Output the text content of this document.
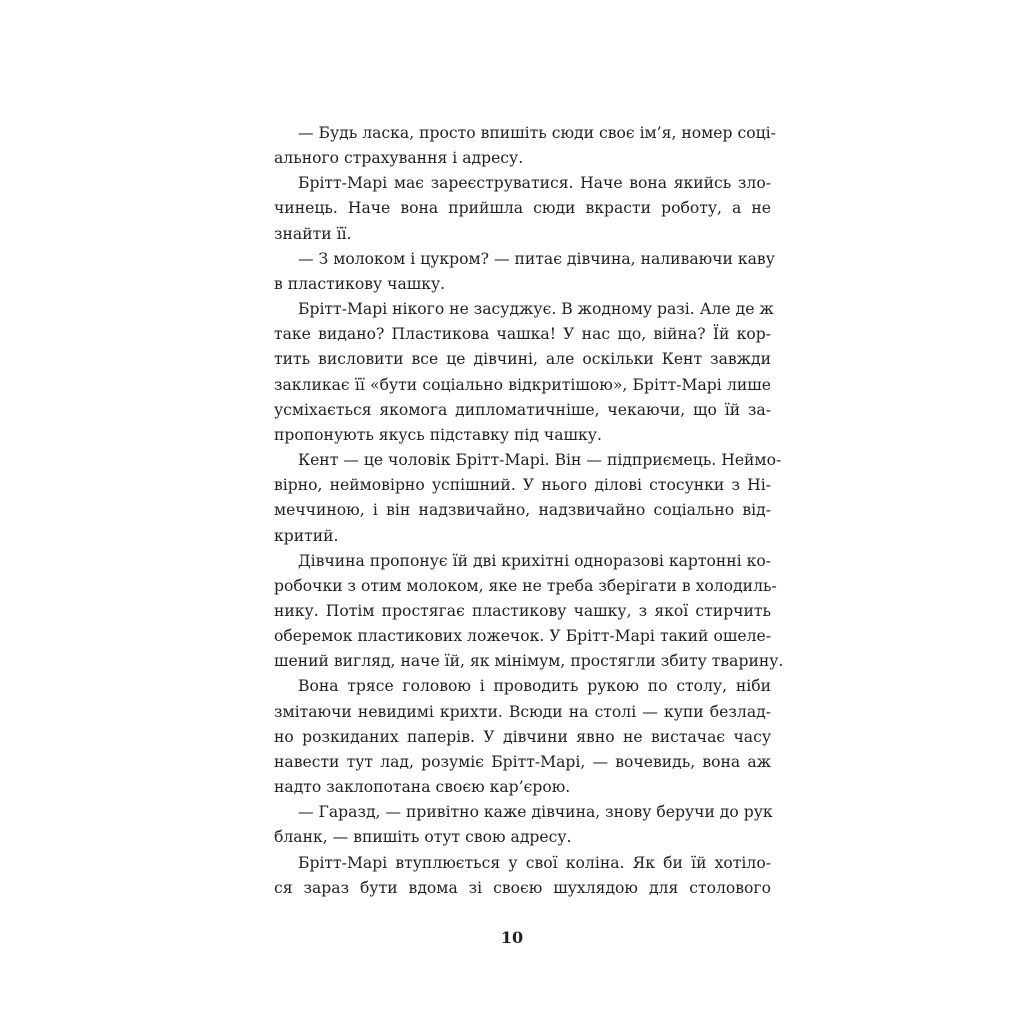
— Будь ласка, просто впишіть сюди своє ім’я, номер соці-
ального страхування і адресу.
Брітт-Марі має зареєструватися. Наче вона якийсь зло-
чинець. Наче вона прийшла сюди вкрасти роботу, а не
знайти її.
— З молоком і цукром? — питає дівчина, наливаючи каву
в пластикову чашку.
Брітт-Марі нікого не засуджує. В жодному разі. Але де ж
таке видано? Пластикова чашка! У нас що, війна? Їй кор-
тить висловити все це дівчині, але оскільки Кент завжди
закликає її «бути соціально відкритішою», Брітт-Марі лише
усміхається якомога дипломатичніше, чекаючи, що їй за-
пропонують якусь підставку під чашку.
Кент — це чоловік Брітт-Марі. Він — підприємець. Неймо-
вірно, неймовірно успішний. У нього ділові стосунки з Ні-
меччиною, і він надзвичайно, надзвичайно соціально від-
критий.
Дівчина пропонує їй дві крихітні одноразові картонні ко-
робочки з отим молоком, яке не треба зберігати в холодиль-
нику. Потім простягає пластикову чашку, з якої стирчить
оберемок пластикових ложечок. У Брітт-Марі такий ошеле-
шений вигляд, наче їй, як мінімум, простягли збиту тварину.
Вона трясе головою і проводить рукою по столу, ніби
змітаючи невидимі крихти. Всюди на столі — купи безлад-
но розкиданих паперів. У дівчини явно не вистачає часу
навести тут лад, розуміє Брітт-Марі, — вочевидь, вона аж
надто заклопотана своєю кар’єрою.
— Гаразд, — привітно каже дівчина, знову беручи до рук
бланк, — впишіть отут свою адресу.
Брітт-Марі втуплюється у свої коліна. Як би їй хотіло-
ся зараз бути вдома зі своєю шухлядою для столового
10
